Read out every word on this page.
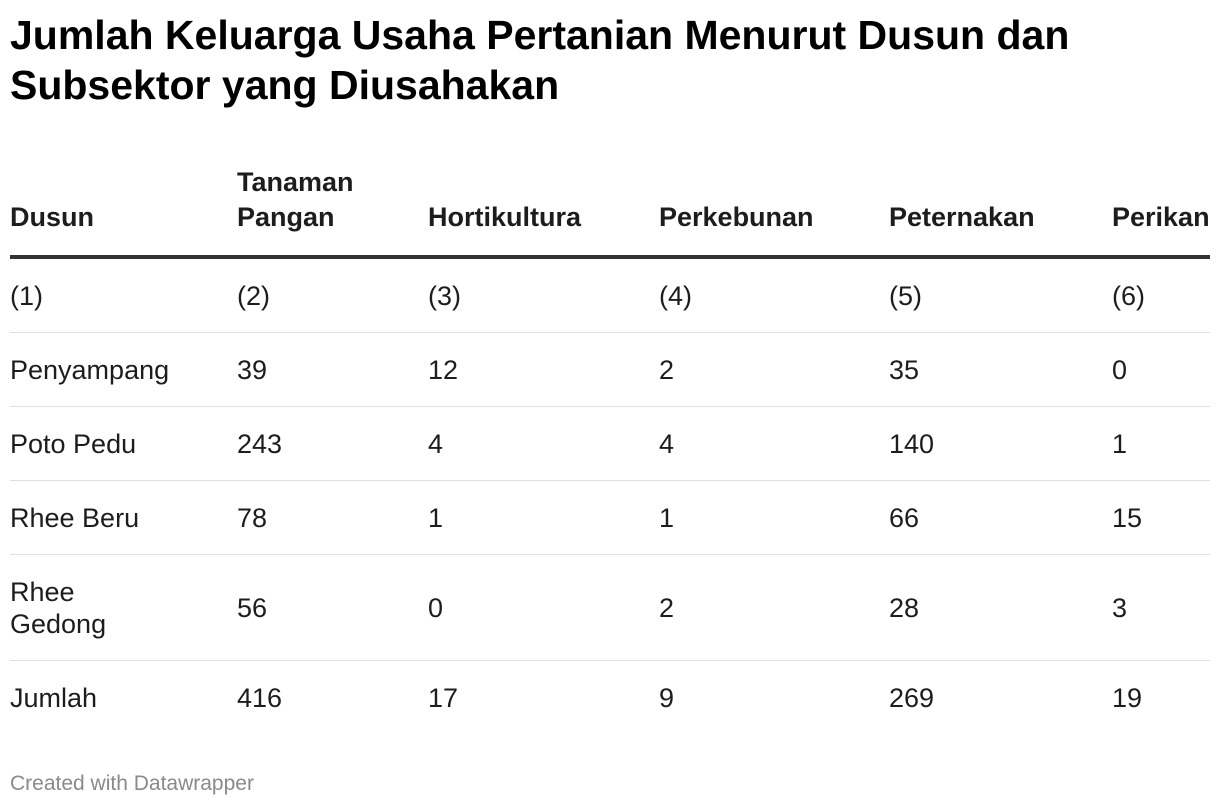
Jumlah Keluarga Usaha Pertanian Menurut Dusun dan Subsektor yang Diusahakan
Dusun	Tanaman Pangan	Hortikultura	Perkebunan	Peternakan	Perikan
(1)	(2)	(3)	(4)	(5)	(6)
Penyampang	39	12	2	35	0
Poto Pedu	243	4	4	140	1
Rhee Beru	78	1	1	66	15

Rhee Gedong	56	0	2	28	3
Jumlah	416	17	9	269	19
Created with Datawrapper
